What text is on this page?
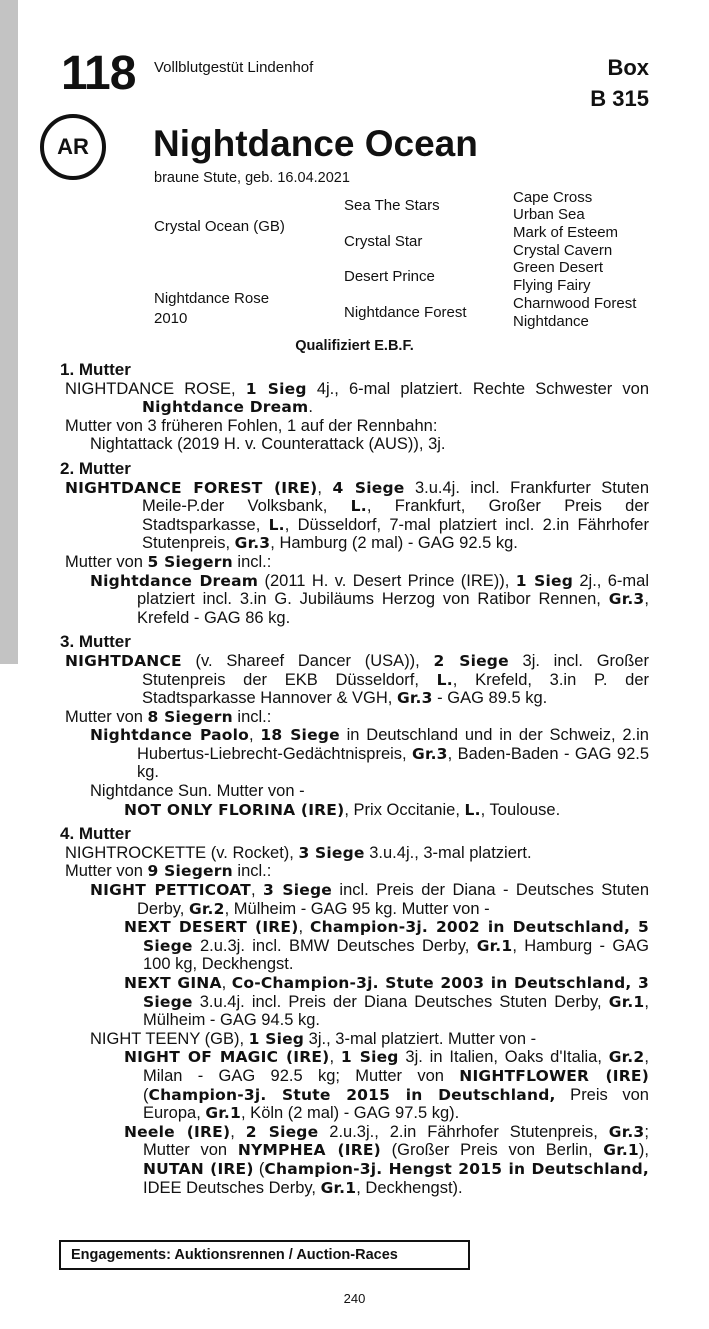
118 Vollblutgestüt Lindenhof	Box
B 315
AR	Nightdance Ocean
braune Stute, geb. 16.04.2021
Crystal Ocean (GB)
Nightdance Rose
2010
Sea The Stars
Crystal Star
Desert Prince
Nightdance Forest
Cape Cross
Urban Sea
Mark of Esteem
Crystal Cavern
Green Desert
Flying Fairy
Charnwood Forest
Nightdance
Qualifiziert E.B.F.
1. Mutter
NIGHTDANCE ROSE, 1 Sieg 4j., 6-mal platziert. Rechte Schwester von Nightdance Dream.
Mutter von 3 früheren Fohlen, 1 auf der Rennbahn:
Nightattack (2019 H. v. Counterattack (AUS)), 3j.
2. Mutter
NIGHTDANCE FOREST (IRE), 4 Siege 3.u.4j. incl. Frankfurter Stuten Meile-P.der Volksbank, L., Frankfurt, Großer Preis der Stadtsparkasse, L., Düsseldorf, 7-mal platziert incl. 2.in Fährhofer Stutenpreis, Gr.3, Hamburg (2 mal) - GAG 92.5 kg.
Mutter von 5 Siegern incl.:
Nightdance Dream (2011 H. v. Desert Prince (IRE)), 1 Sieg 2j., 6-mal platziert incl. 3.in G. Jubiläums Herzog von Ratibor Rennen, Gr.3, Krefeld - GAG 86 kg.
3. Mutter
NIGHTDANCE (v. Shareef Dancer (USA)), 2 Siege 3j. incl. Großer Stutenpreis der EKB Düsseldorf, L., Krefeld, 3.in P. der Stadtsparkasse Hannover & VGH, Gr.3 - GAG 89.5 kg.
Mutter von 8 Siegern incl.:
Nightdance Paolo, 18 Siege in Deutschland und in der Schweiz, 2.in Hubertus-Liebrecht-Gedächtnispreis, Gr.3, Baden-Baden - GAG 92.5 kg.
Nightdance Sun. Mutter von -
NOT ONLY FLORINA (IRE), Prix Occitanie, L., Toulouse.
4. Mutter
NIGHTROCKETTE (v. Rocket), 3 Siege 3.u.4j., 3-mal platziert.
Mutter von 9 Siegern incl.:
NIGHT PETTICOAT, 3 Siege incl. Preis der Diana - Deutsches Stuten Derby, Gr.2, Mülheim - GAG 95 kg. Mutter von -
NEXT DESERT (IRE), Champion-3j. 2002 in Deutschland, 5 Siege 2.u.3j. incl. BMW Deutsches Derby, Gr.1, Hamburg - GAG 100 kg, Deckhengst.
NEXT GINA, Co-Champion-3j. Stute 2003 in Deutschland, 3 Siege 3.u.4j. incl. Preis der Diana Deutsches Stuten Derby, Gr.1, Mülheim - GAG 94.5 kg.
NIGHT TEENY (GB), 1 Sieg 3j., 3-mal platziert. Mutter von -
NIGHT OF MAGIC (IRE), 1 Sieg 3j. in Italien, Oaks d'Italia, Gr.2, Milan - GAG 92.5 kg; Mutter von NIGHTFLOWER (IRE) (Champion-3j. Stute 2015 in Deutschland, Preis von Europa, Gr.1, Köln (2 mal) - GAG 97.5 kg).
Neele (IRE), 2 Siege 2.u.3j., 2.in Fährhofer Stutenpreis, Gr.3; Mutter von NYMPHEA (IRE) (Großer Preis von Berlin, Gr.1), NUTAN (IRE) (Champion-3j. Hengst 2015 in Deutschland, IDEE Deutsches Derby, Gr.1, Deckhengst).
Engagements: Auktionsrennen / Auction-Races
240
